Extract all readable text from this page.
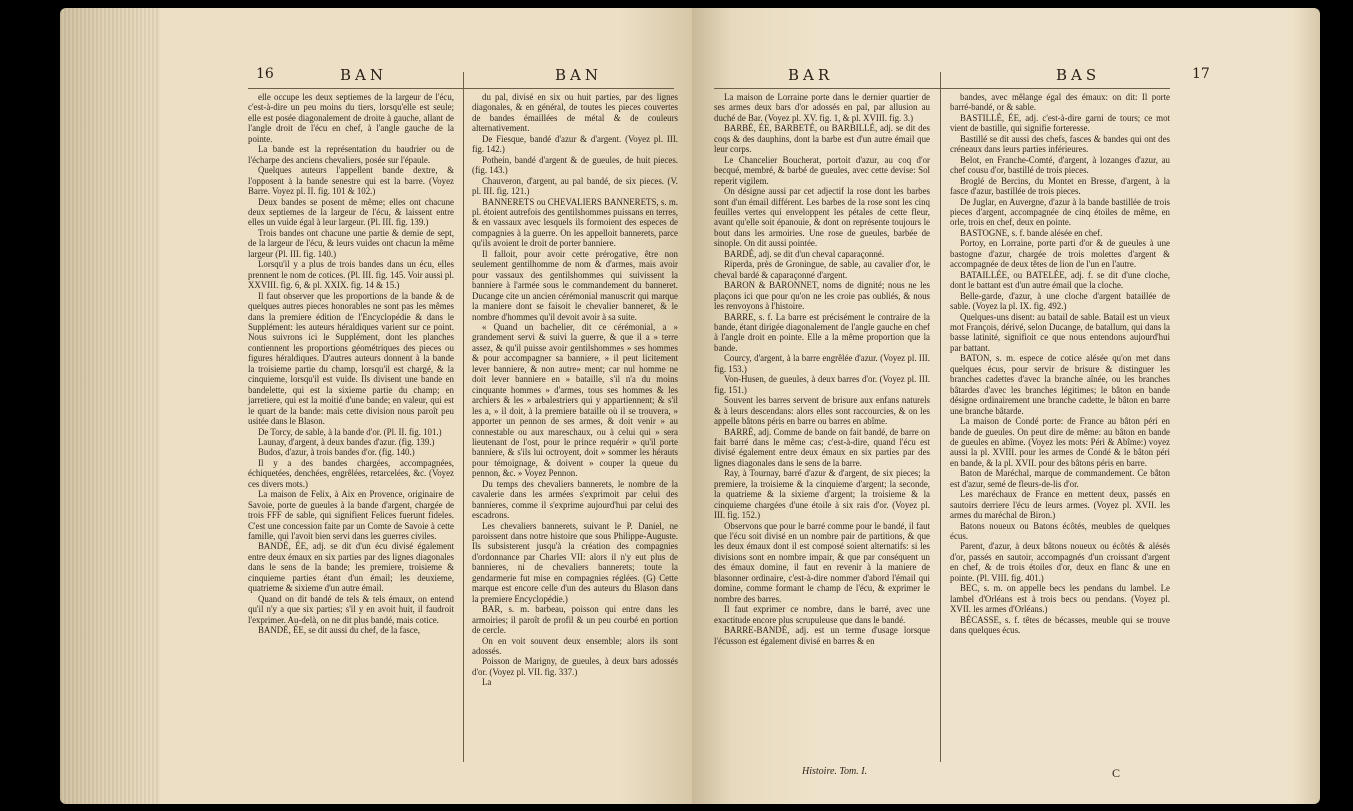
16	BAN	BAN

elle occupe les deux septiemes de la largeur de l'écu, c'est-à-dire un peu moins du tiers, lorsqu'elle est seule; elle est posée diagonalement de droite à gauche, allant de l'angle droit de l'écu en chef, à l'angle gauche de la pointe.

La bande est la représentation du baudrier ou de l'écharpe des anciens chevaliers, posée sur l'épaule.

Quelques auteurs l'appellent bande dextre, & l'opposent à la bande senestre qui est la barre. (Voyez Barre. Voyez pl. II. fig. 101 & 102.)

Deux bandes se posent de même; elles ont chacune deux septiemes de la largeur de l'écu, & laissent entre elles un vuide égal à leur largeur. (Pl. III. fig. 139.)

Trois bandes ont chacune une partie & demie de sept, de la largeur de l'écu, & leurs vuides ont chacun la même largeur (Pl. III. fig. 140.)

Lorsqu'il y a plus de trois bandes dans un écu, elles prennent le nom de cotices. (Pl. III. fig. 145. Voir aussi pl. XXVIII. fig. 6, & pl. XXIX. fig. 14 & 15.)

Il faut observer que les proportions de la bande & de quelques autres pieces honorables ne sont pas les mêmes dans la premiere édition de l'Encyclopédie & dans le Supplément: les auteurs héraldiques varient sur ce point. Nous suivrons ici le Supplément, dont les planches contiennent les proportions géométriques des pieces ou figures héraldiques. D'autres auteurs donnent à la bande la troisieme partie du champ, lorsqu'il est chargé, & la cinquieme, lorsqu'il est vuide. Ils divisent une bande en bandelette, qui est la sixieme partie du champ; en jarretiere, qui est la moitié d'une bande; en valeur, qui est le quart de la bande: mais cette division nous paroît peu usitée dans le Blason.

De Torcy, de sable, à la bande d'or. (Pl. II. fig. 101.)

Launay, d'argent, à deux bandes d'azur. (fig. 139.)

Budos, d'azur, à trois bandes d'or. (fig. 140.)

Il y a des bandes chargées, accompagnées, échiquetées, denchées, engrêlées, retarcelées, &c. (Voyez ces divers mots.)

La maison de Felix, à Aix en Provence, originaire de Savoie, porte de gueules à la bande d'argent, chargée de trois FFF de sable, qui signifient Felices fuerunt fideles. C'est une concession faite par un Comte de Savoie à cette famille, qui l'avoit bien servi dans les guerres civiles.

BANDÉ, ÉE, adj. se dit d'un écu divisé également entre deux émaux en six parties par des lignes diagonales dans le sens de la bande; les premiere, troisieme & cinquieme parties étant d'un émail; les deuxieme, quatrieme & sixieme d'un autre émail.

Quand on dit bandé de tels & tels émaux, on entend qu'il n'y a que six parties; s'il y en avoit huit, il faudroit l'exprimer. Au-delà, on ne dit plus bandé, mais cotice.

BANDÉ, ÉE, se dit aussi du chef, de la fasce,

du pal, divisé en six ou huit parties, par des lignes diagonales, & en général, de toutes les pieces couvertes de bandes émaillées de métal & de couleurs alternativement.

De Fiesque, bandé d'azur & d'argent. (Voyez pl. III. fig. 142.)

Pothein, bandé d'argent & de gueules, de huit pieces. (fig. 143.)

Chauveron, d'argent, au pal bandé, de six pieces. (V. pl. III. fig. 121.)

BANNERETS ou CHEVALIERS BANNERETS, s. m. pl. étoient autrefois des gentilshommes puissans en terres, & en vassaux avec lesquels ils formoient des especes de compagnies à la guerre. On les appelloit bannerets, parce qu'ils avoient le droit de porter banniere.

Il falloit, pour avoir cette prérogative, être non seulement gentilhomme de nom & d'armes, mais avoir pour vassaux des gentilshommes qui suivissent la banniere à l'armée sous le commandement du banneret. Ducange cite un ancien cérémonial manuscrit qui marque la maniere dont se faisoit le chevalier banneret, & le nombre d'hommes qu'il devoit avoir à sa suite.

« Quand un bachelier, dit ce cérémonial, a » grandement servi & suivi la guerre, & que il a » terre assez, & qu'il puisse avoir gentilshommes » ses hommes & pour accompagner sa banniere, » il peut licitement lever banniere, & non autre» ment; car nul homme ne doit lever banniere en » bataille, s'il n'a du moins cinquante hommes » d'armes, tous ses hommes & les archiers & les » arbalestriers qui y appartiennent; & s'il les a, » il doit, à la premiere bataille où il se trouvera, » apporter un pennon de ses armes, & doit venir » au connestable ou aux mareschaux, ou à celui qui » sera lieutenant de l'ost, pour le prince requérir » qu'il porte banniere, & s'ils lui octroyent, doit » sommer les hérauts pour témoignage, & doivent » couper la queue du pennon, &c. » Voyez Pennon.

Du temps des chevaliers bannerets, le nombre de la cavalerie dans les armées s'exprimoit par celui des bannieres, comme il s'exprime aujourd'hui par celui des escadrons.

Les chevaliers bannerets, suivant le P. Daniel, ne paroissent dans notre histoire que sous Philippe-Auguste. Ils subsisterent jusqu'à la création des compagnies d'ordonnance par Charles VII: alors il n'y eut plus de bannieres, ni de chevaliers bannerets; toute la gendarmerie fut mise en compagnies réglées. (G) Cette marque est encore celle d'un des auteurs du Blason dans la premiere Encyclopédie.)

BAR, s. m. barbeau, poisson qui entre dans les armoiries; il paroît de profil & un peu courbé en portion de cercle.

On en voit souvent deux ensemble; alors ils sont adossés.

Poisson de Marigny, de gueules, à deux bars adossés d'or. (Voyez pl. VII. fig. 337.)

La

BAR	BAS	17

La maison de Lorraine porte dans le dernier quartier de ses armes deux bars d'or adossés en pal, par allusion au duché de Bar. (Voyez pl. XV. fig. 1, & pl. XVIII. fig. 3.)

BARBÉ, ÉE, BARBETÉ, ou BARBILLÉ, adj. se dit des coqs & des dauphins, dont la barbe est d'un autre émail que leur corps.

Le Chancelier Boucherat, portoit d'azur, au coq d'or becqué, membré, & barbé de gueules, avec cette devise: Sol reperit vigilem.

On désigne aussi par cet adjectif la rose dont les barbes sont d'un émail différent. Les barbes de la rose sont les cinq feuilles vertes qui enveloppent les pétales de cette fleur, avant qu'elle soit épanouie, & dont on représente toujours le bout dans les armoiries. Une rose de gueules, barbée de sinople. On dit aussi pointée.

BARDÉ, adj. se dit d'un cheval caparaçonné.

Riperda, près de Groningue, de sable, au cavalier d'or, le cheval bardé & caparaçonné d'argent.

BARON & BARONNET, noms de dignité; nous ne les plaçons ici que pour qu'on ne les croie pas oubliés, & nous les renvoyons à l'histoire.

BARRE, s. f. La barre est précisément le contraire de la bande, étant dirigée diagonalement de l'angle gauche en chef à l'angle droit en pointe. Elle a la même proportion que la bande.

Courcy, d'argent, à la barre engrêlée d'azur. (Voyez pl. III. fig. 153.)

Von-Husen, de gueules, à deux barres d'or. (Voyez pl. III. fig. 151.)

Souvent les barres servent de brisure aux enfans naturels & à leurs descendans: alors elles sont raccourcies, & on les appelle bâtons péris en barre ou barres en abîme.

BARRÉ, adj. Comme de bande on fait bandé, de barre on fait barré dans le même cas; c'est-à-dire, quand l'écu est divisé également entre deux émaux en six parties par des lignes diagonales dans le sens de la barre.

Ray, à Tournay, barré d'azur & d'argent, de six pieces; la premiere, la troisieme & la cinquieme d'argent; la seconde, la quatrieme & la sixieme d'argent; la troisieme & la cinquieme chargées d'une étoile à six rais d'or. (Voyez pl. III. fig. 152.)

Observons que pour le barré comme pour le bandé, il faut que l'écu soit divisé en un nombre pair de partitions, & que les deux émaux dont il est composé soient alternatifs: si les divisions sont en nombre impair, & que par conséquent un des émaux domine, il faut en revenir à la maniere de blasonner ordinaire, c'est-à-dire nommer d'abord l'émail qui domine, comme formant le champ de l'écu, & exprimer le nombre des barres.

Il faut exprimer ce nombre, dans le barré, avec une exactitude encore plus scrupuleuse que dans le bandé.

BARRE-BANDÉ, adj. est un terme d'usage lorsque l'écusson est également divisé en barres & en

bandes, avec mêlange égal des émaux: on dit: Il porte barré-bandé, or & sable.

BASTILLÉ, ÉE, adj. c'est-à-dire garni de tours; ce mot vient de bastille, qui signifie forteresse.

Bastillé se dit aussi des chefs, fasces & bandes qui ont des créneaux dans leurs parties inférieures.

Belot, en Franche-Comté, d'argent, à lozanges d'azur, au chef cousu d'or, bastillé de trois pieces.

Broglé de Bercins, du Montet en Bresse, d'argent, à la fasce d'azur, bastillée de trois pieces.

De Juglar, en Auvergne, d'azur à la bande bastillée de trois pieces d'argent, accompagnée de cinq étoiles de même, en orle, trois en chef, deux en pointe.

BASTOGNE, s. f. bande alésée en chef.

Portoy, en Lorraine, porte parti d'or & de gueules à une bastogne d'azur, chargée de trois molettes d'argent & accompagnée de deux têtes de lion de l'un en l'autre.

BATAILLÉE, ou BATELÉE, adj. f. se dit d'une cloche, dont le battant est d'un autre émail que la cloche.

Belle-garde, d'azur, à une cloche d'argent bataillée de sable. (Voyez la pl. IX. fig. 492.)

Quelques-uns disent: au batail de sable. Batail est un vieux mot François, dérivé, selon Ducange, de batallum, qui dans la basse latinité, signifioit ce que nous entendons aujourd'hui par battant.

BATON, s. m. espece de cotice alésée qu'on met dans quelques écus, pour servir de brisure & distinguer les branches cadettes d'avec la branche aînée, ou les branches bâtardes d'avec les branches légitimes; le bâton en bande désigne ordinairement une branche cadette, le bâton en barre une branche bâtarde.

La maison de Condé porte: de France au bâton péri en bande de gueules. On peut dire de même: au bâton en bande de gueules en abîme. (Voyez les mots: Péri & Abîme:) voyez aussi la pl. XVIII. pour les armes de Condé & le bâton péri en bande, & la pl. XVII. pour des bâtons péris en barre.

Baton de Maréchal, marque de commandement. Ce bâton est d'azur, semé de fleurs-de-lis d'or.

Les maréchaux de France en mettent deux, passés en sautoirs derriere l'écu de leurs armes. (Voyez pl. XVII. les armes du maréchal de Biron.)

Batons noueux ou Batons écôtés, meubles de quelques écus.

Parent, d'azur, à deux bâtons noueux ou écôtés & alésés d'or, passés en sautoir, accompagnés d'un croissant d'argent en chef, & de trois étoiles d'or, deux en flanc & une en pointe. (Pl. VIII. fig. 401.)

BEC, s. m. on appelle becs les pendans du lambel. Le lambel d'Orléans est à trois becs ou pendans. (Voyez pl. XVII. les armes d'Orléans.)

BÉCASSE, s. f. têtes de bécasses, meuble qui se trouve dans quelques écus.

Histoire. Tom. I.	C
